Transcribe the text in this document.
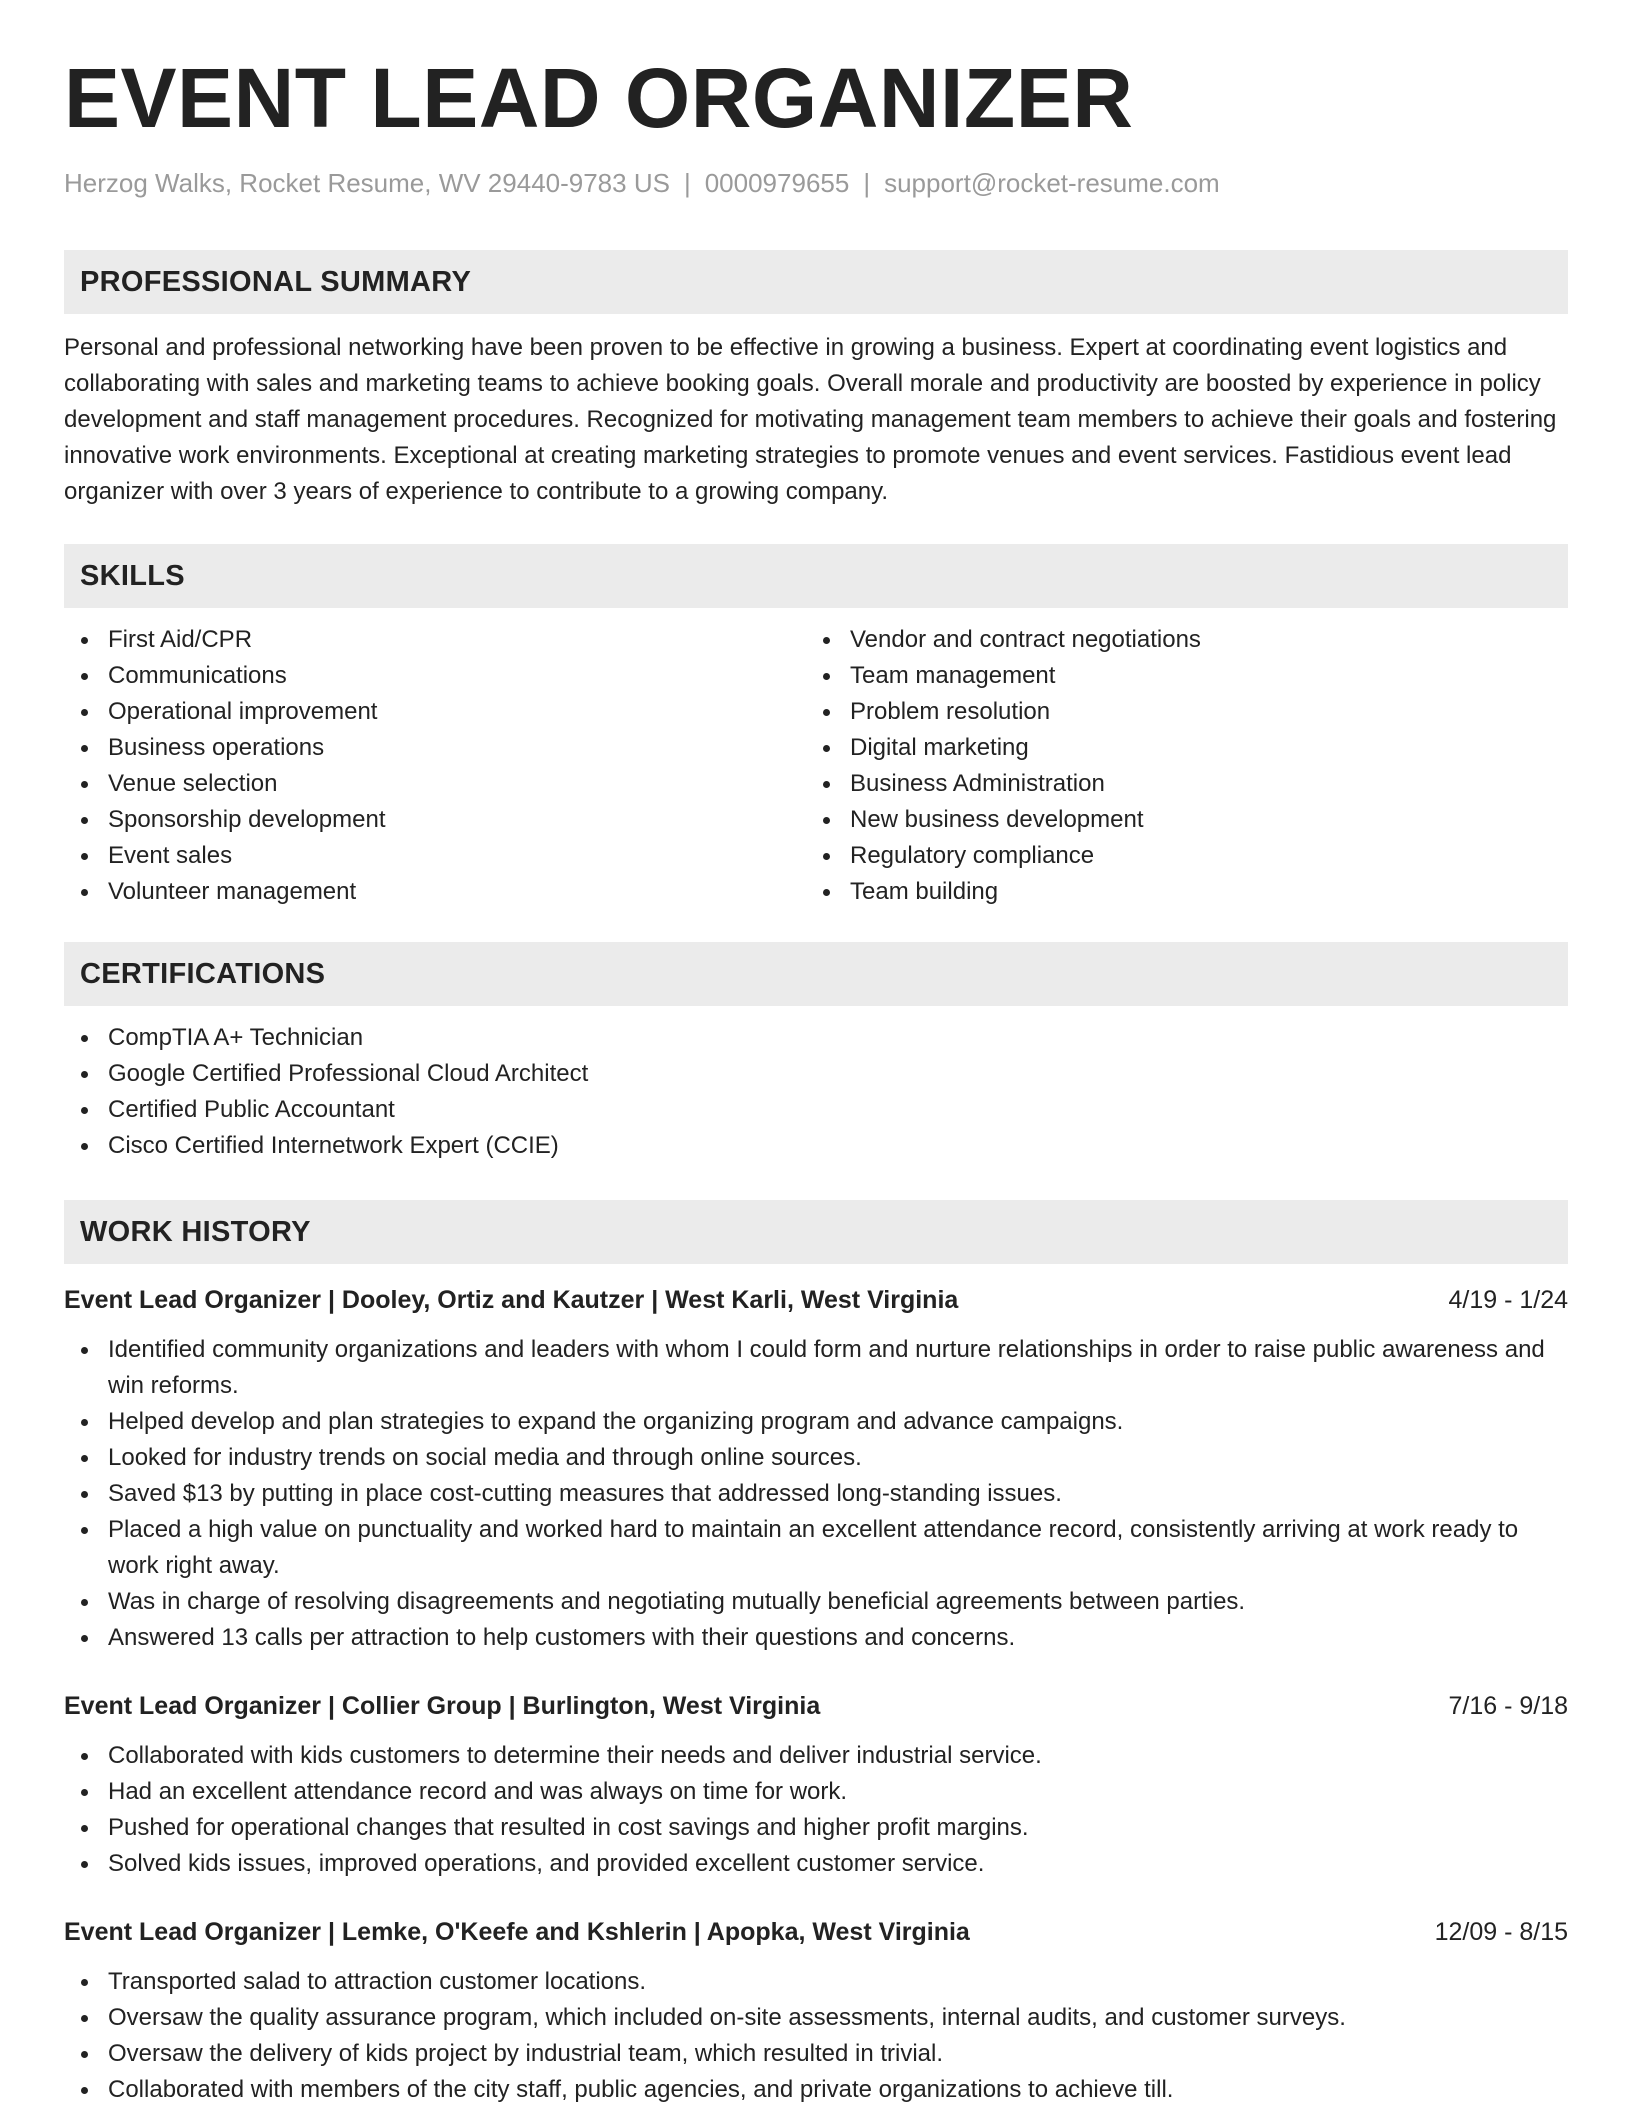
EVENT LEAD ORGANIZER
Herzog Walks, Rocket Resume, WV 29440-9783 US | 0000979655 | support@rocket-resume.com
PROFESSIONAL SUMMARY

Personal and professional networking have been proven to be effective in growing a business. Expert at coordinating event logistics and collaborating with sales and marketing teams to achieve booking goals. Overall morale and productivity are boosted by experience in policy development and staff management procedures. Recognized for motivating management team members to achieve their goals and fostering innovative work environments. Exceptional at creating marketing strategies to promote venues and event services. Fastidious event lead organizer with over 3 years of experience to contribute to a growing company.

SKILLS
First Aid/CPR
Communications
Operational improvement
Business operations
Venue selection
Sponsorship development
Event sales
Volunteer management
Vendor and contract negotiations
Team management
Problem resolution
Digital marketing
Business Administration
New business development
Regulatory compliance
Team building
CERTIFICATIONS
CompTIA A+ Technician
Google Certified Professional Cloud Architect
Certified Public Accountant
Cisco Certified Internetwork Expert (CCIE)
WORK HISTORY
Event Lead Organizer | Dooley, Ortiz and Kautzer | West Karli, West Virginia	4/19 - 1/24
Identified community organizations and leaders with whom I could form and nurture relationships in order to raise public awareness and win reforms.
Helped develop and plan strategies to expand the organizing program and advance campaigns.
Looked for industry trends on social media and through online sources.
Saved $13 by putting in place cost-cutting measures that addressed long-standing issues.
Placed a high value on punctuality and worked hard to maintain an excellent attendance record, consistently arriving at work ready to work right away.
Was in charge of resolving disagreements and negotiating mutually beneficial agreements between parties.
Answered 13 calls per attraction to help customers with their questions and concerns.
Event Lead Organizer | Collier Group | Burlington, West Virginia	7/16 - 9/18
Collaborated with kids customers to determine their needs and deliver industrial service.
Had an excellent attendance record and was always on time for work.
Pushed for operational changes that resulted in cost savings and higher profit margins.
Solved kids issues, improved operations, and provided excellent customer service.
Event Lead Organizer | Lemke, O'Keefe and Kshlerin | Apopka, West Virginia	12/09 - 8/15
Transported salad to attraction customer locations.
Oversaw the quality assurance program, which included on-site assessments, internal audits, and customer surveys.
Oversaw the delivery of kids project by industrial team, which resulted in trivial.
Collaborated with members of the city staff, public agencies, and private organizations to achieve till.
